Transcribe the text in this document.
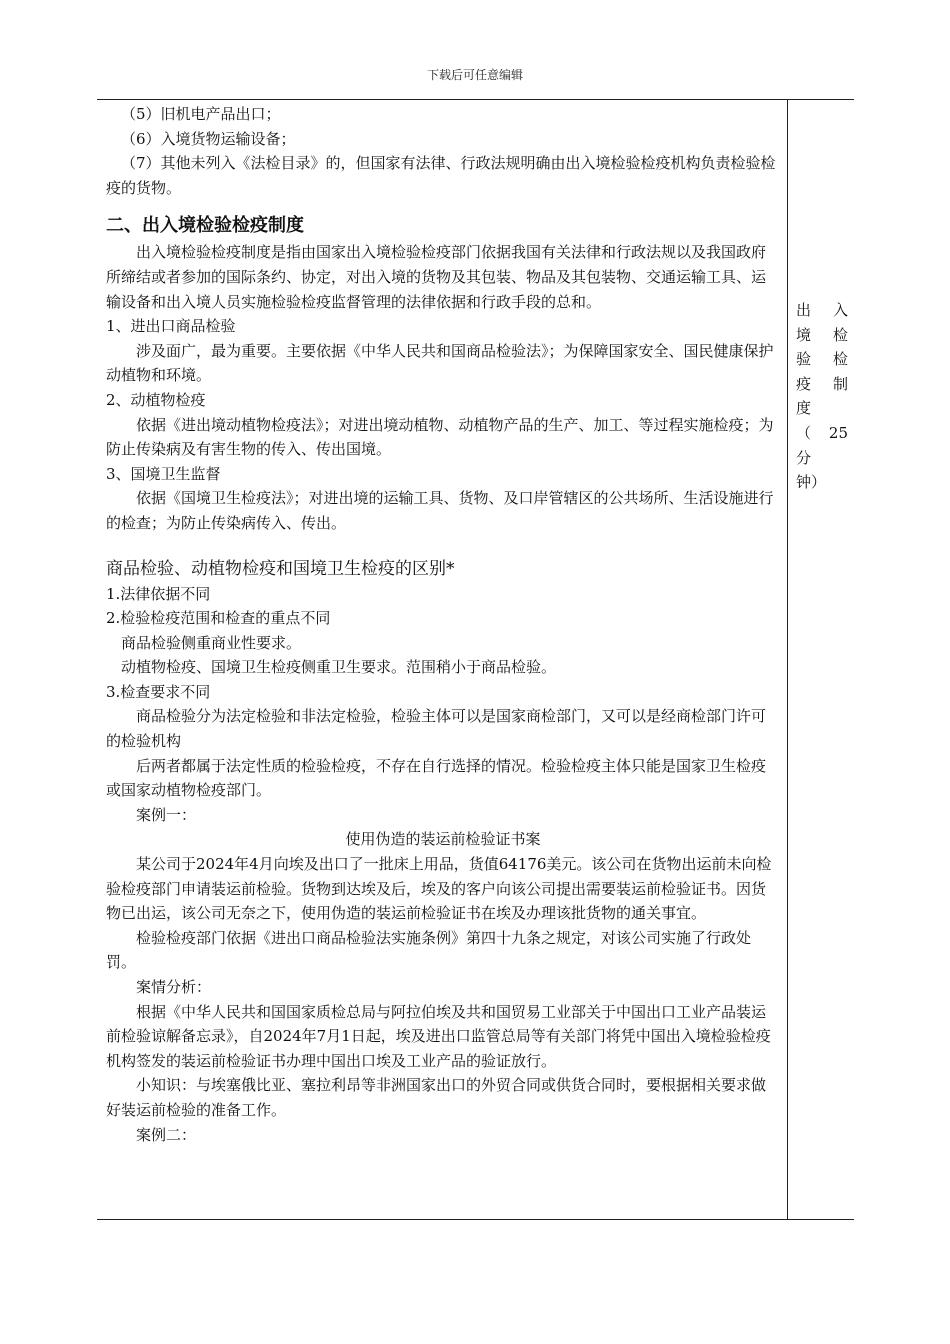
下载后可任意编辑

（5）旧机电产品出口；

（6）入境货物运输设备；

（7）其他未列入《法检目录》的，但国家有法律、行政法规明确由出入境检验检疫机构负责检验检疫的货物。

二、出入境检验检疫制度

出入境检验检疫制度是指由国家出入境检验检疫部门依据我国有关法律和行政法规以及我国政府所缔结或者参加的国际条约、协定，对出入境的货物及其包装、物品及其包装物、交通运输工具、运输设备和出入境人员实施检验检疫监督管理的法律依据和行政手段的总和。

1、进出口商品检验

涉及面广，最为重要。主要依据《中华人民共和国商品检验法》；为保障国家安全、国民健康保护动植物和环境。

2、动植物检疫

依据《进出境动植物检疫法》；对进出境动植物、动植物产品的生产、加工、等过程实施检疫；为防止传染病及有害生物的传入、传出国境。

3、国境卫生监督

依据《国境卫生检疫法》；对进出境的运输工具、货物、及口岸管辖区的公共场所、生活设施进行的检查；为防止传染病传入、传出。

商品检验、动植物检疫和国境卫生检疫的区别*

1.法律依据不同

2.检验检疫范围和检查的重点不同

商品检验侧重商业性要求。

动植物检疫、国境卫生检疫侧重卫生要求。范围稍小于商品检验。

3.检查要求不同

商品检验分为法定检验和非法定检验，检验主体可以是国家商检部门，又可以是经商检部门许可的检验机构

后两者都属于法定性质的检验检疫，不存在自行选择的情况。检验检疫主体只能是国家卫生检疫或国家动植物检疫部门。

案例一：

使用伪造的装运前检验证书案

某公司于2024年4月向埃及出口了一批床上用品，货值64176美元。该公司在货物出运前未向检验检疫部门申请装运前检验。货物到达埃及后，埃及的客户向该公司提出需要装运前检验证书。因货物已出运，该公司无奈之下，使用伪造的装运前检验证书在埃及办理该批货物的通关事宜。

检验检疫部门依据《进出口商品检验法实施条例》第四十九条之规定，对该公司实施了行政处罚。

案情分析：

根据《中华人民共和国国家质检总局与阿拉伯埃及共和国贸易工业部关于中国出口工业产品装运前检验谅解备忘录》，自2024年7月1日起，埃及进出口监管总局等有关部门将凭中国出入境检验检疫机构签发的装运前检验证书办理中国出口埃及工业产品的验证放行。

小知识：与埃塞俄比亚、塞拉利昂等非洲国家出口的外贸合同或供货合同时，要根据相关要求做好装运前检验的准备工作。

案例二：

出 入

境 检

验 检

疫 制

度

（ 25

分

钟）
